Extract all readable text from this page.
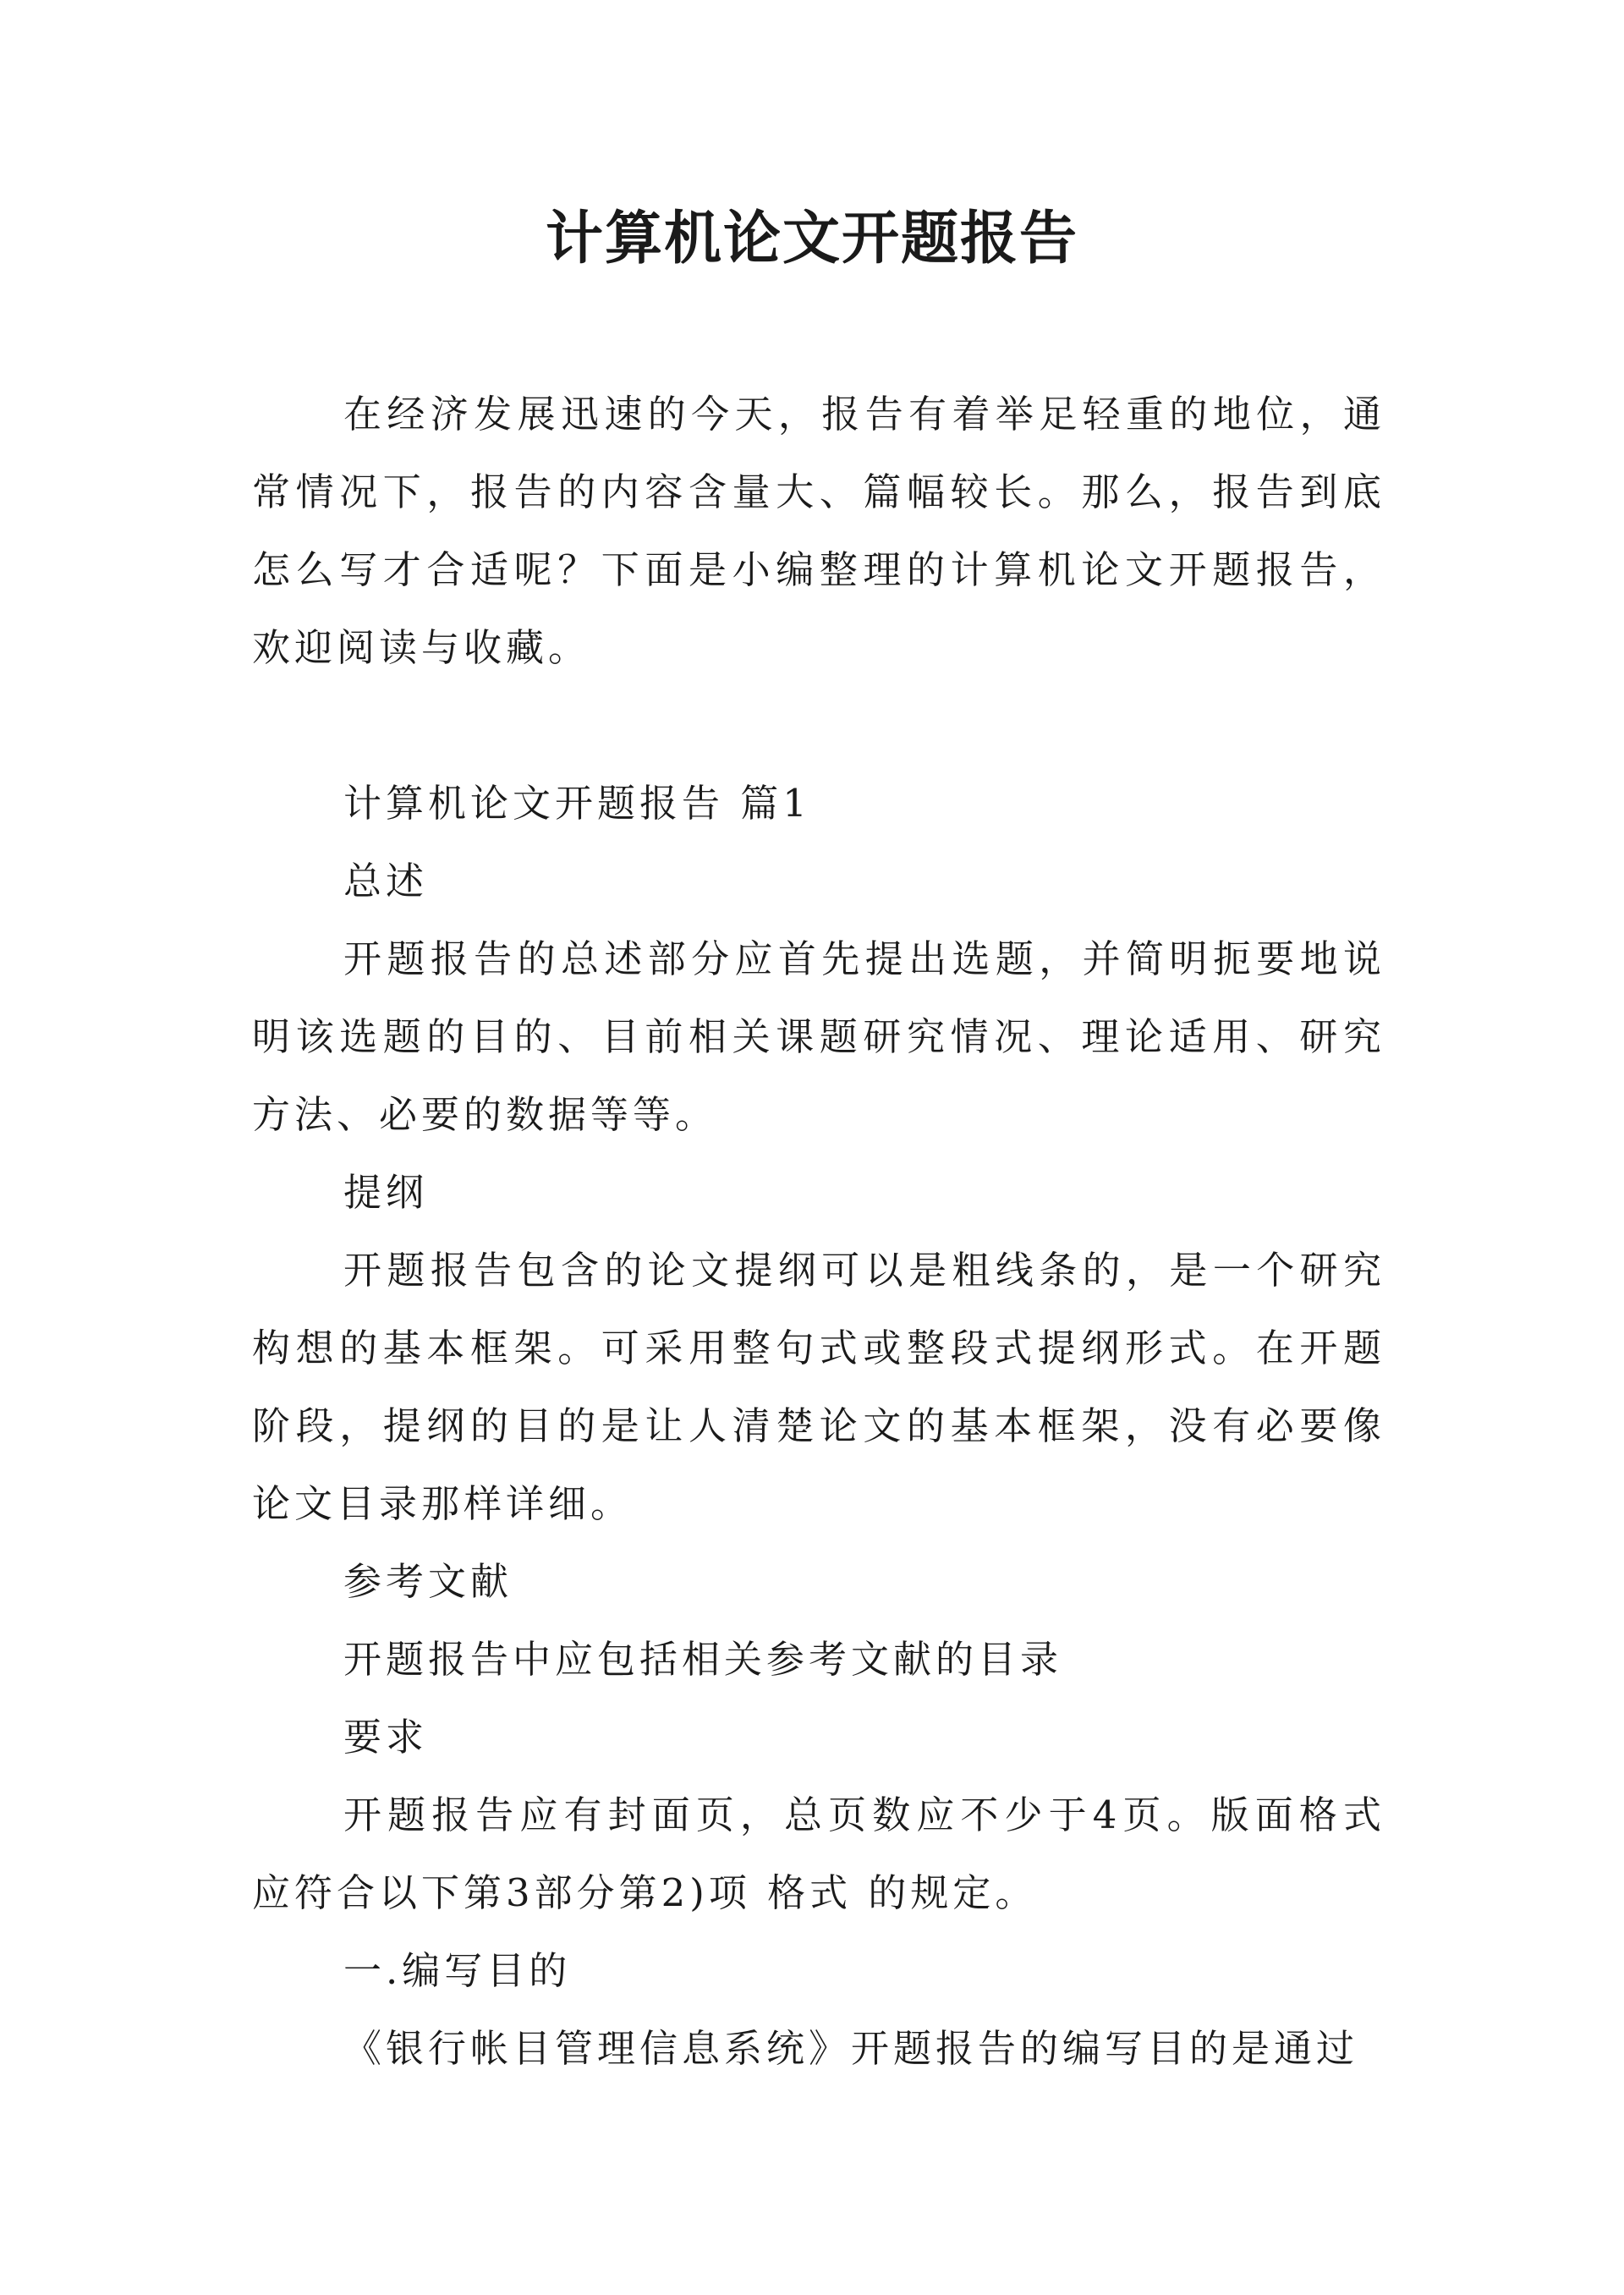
计算机论文开题报告

在经济发展迅速的今天，报告有着举足轻重的地位，通常情况下，报告的内容含量大、篇幅较长。那么，报告到底怎么写才合适呢？下面是小编整理的计算机论文开题报告，欢迎阅读与收藏。

计算机论文开题报告 篇1

总述

开题报告的总述部分应首先提出选题，并简明扼要地说明该选题的目的、目前相关课题研究情况、理论适用、研究方法、必要的数据等等。

提纲

开题报告包含的论文提纲可以是粗线条的，是一个研究构想的基本框架。可采用整句式或整段式提纲形式。在开题阶段，提纲的目的是让人清楚论文的基本框架，没有必要像论文目录那样详细。

参考文献

开题报告中应包括相关参考文献的目录

要求

开题报告应有封面页，总页数应不少于4页。版面格式应符合以下第3部分第2)项 格式 的规定。

一.编写目的

《银行帐目管理信息系统》开题报告的编写目的是通过
